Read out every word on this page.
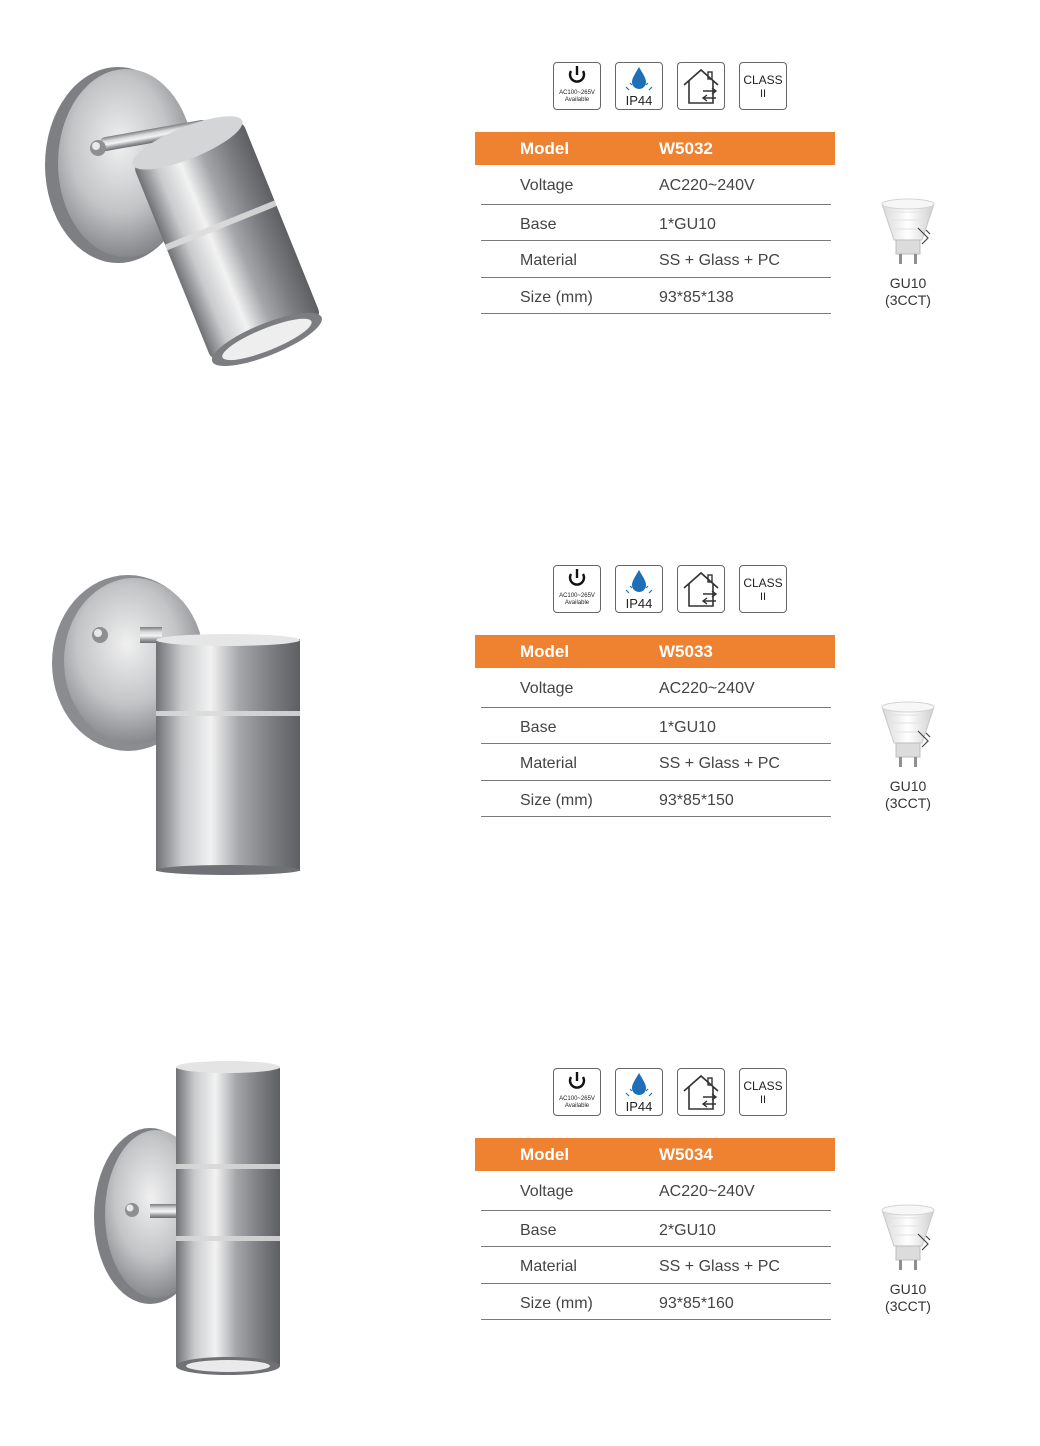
AC100~265V
Available	IP44
CLASS
II
Model	W5032
Voltage	AC220~240V
Base	1*GU10
Material	SS + Glass + PC
Size (mm)	93*85*138
GU10
(3CCT)
AC100~265V
Available	IP44
CLASS
II
Model	W5033
Voltage	AC220~240V
Base	1*GU10
Material	SS + Glass + PC
Size (mm)	93*85*150
GU10
(3CCT)
AC100~265V
Available	IP44
CLASS
II
Model	W5034
Voltage	AC220~240V
Base	2*GU10
Material	SS + Glass + PC
Size (mm)	93*85*160
GU10
(3CCT)
